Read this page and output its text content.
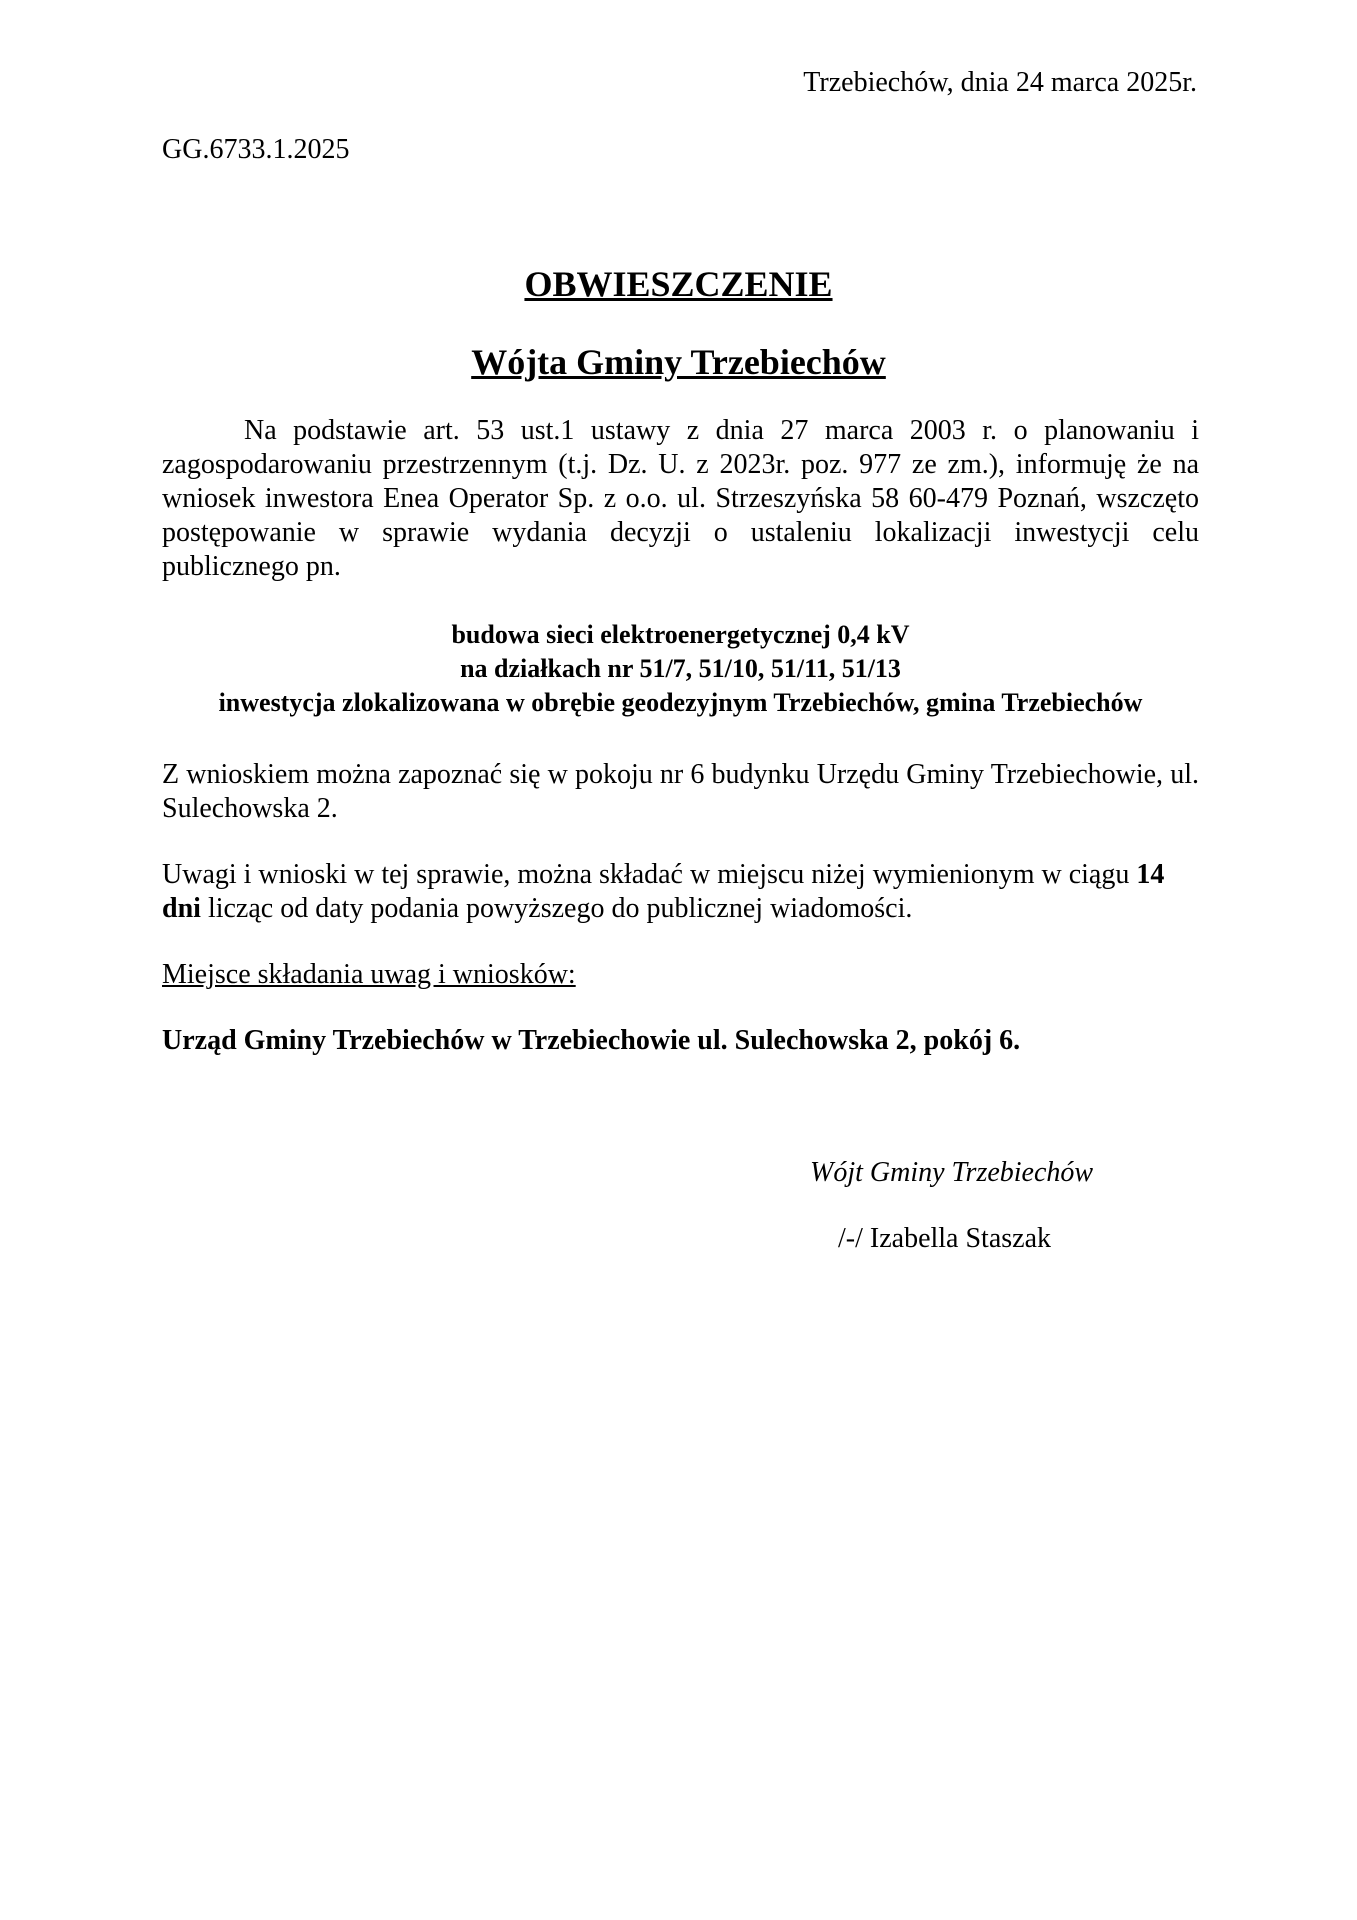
Trzebiechów, dnia 24 marca 2025r.
GG.6733.1.2025
OBWIESZCZENIE
Wójta Gminy Trzebiechów
Na podstawie art. 53 ust.1 ustawy z dnia 27 marca 2003 r. o planowaniu i zagospodarowaniu przestrzennym (t.j. Dz. U. z 2023r. poz. 977 ze zm.), informuję że na wniosek inwestora Enea Operator Sp. z o.o. ul. Strzeszyńska 58 60-479 Poznań, wszczęto postępowanie w sprawie wydania decyzji o ustaleniu lokalizacji inwestycji celu publicznego pn.
budowa sieci elektroenergetycznej 0,4 kV
na działkach nr 51/7, 51/10, 51/11, 51/13
inwestycja zlokalizowana w obrębie geodezyjnym Trzebiechów, gmina Trzebiechów
Z wnioskiem można zapoznać się w pokoju nr 6 budynku Urzędu Gminy Trzebiechowie, ul. Sulechowska 2.
Uwagi i wnioski w tej sprawie, można składać w miejscu niżej wymienionym w ciągu 14 dni licząc od daty podania powyższego do publicznej wiadomości.
Miejsce składania uwag i wniosków:
Urząd Gminy Trzebiechów w Trzebiechowie ul. Sulechowska 2, pokój 6.
Wójt Gminy Trzebiechów
/-/ Izabella Staszak
